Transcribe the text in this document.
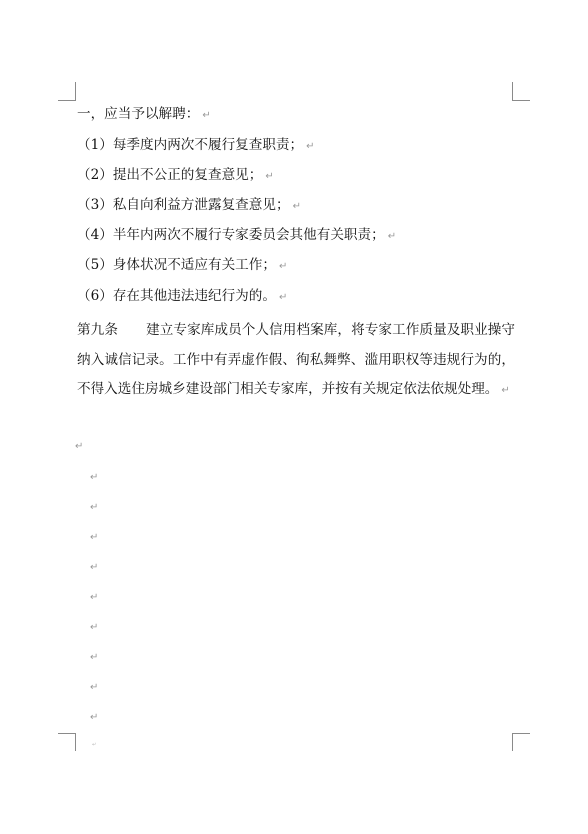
一，应当予以解聘： ↵
（1）每季度内两次不履行复查职责； ↵
（2）提出不公正的复查意见； ↵
（3）私自向利益方泄露复查意见； ↵
（4）半年内两次不履行专家委员会其他有关职责； ↵
（5）身体状况不适应有关工作； ↵
（6）存在其他违法违纪行为的。 ↵
第九条 建立专家库成员个人信用档案库，将专家工作质量及职业操守纳入诚信记录。工作中有弄虚作假、徇私舞弊、滥用职权等违规行为的，不得入选住房城乡建设部门相关专家库，并按有关规定依法依规处理。 ↵
↵
↵
↵
↵
↵
↵
↵
↵
↵
↵
↵
